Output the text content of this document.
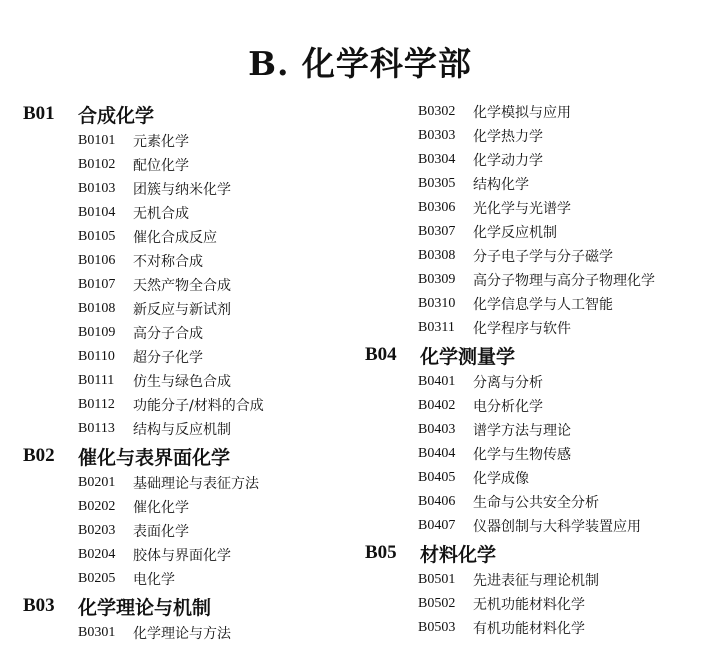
B. 化学科学部
B01	合成化学
B0101	元素化学
B0102	配位化学
B0103	团簇与纳米化学
B0104	无机合成
B0105	催化合成反应
B0106	不对称合成
B0107	天然产物全合成
B0108	新反应与新试剂
B0109	高分子合成
B0110	超分子化学
B0111	仿生与绿色合成
B0112	功能分子/材料的合成
B0113	结构与反应机制
B02	催化与表界面化学
B0201	基础理论与表征方法
B0202	催化化学
B0203	表面化学
B0204	胶体与界面化学
B0205	电化学
B03	化学理论与机制
B0301	化学理论与方法
B0302	化学模拟与应用
B0303	化学热力学
B0304	化学动力学
B0305	结构化学
B0306	光化学与光谱学
B0307	化学反应机制
B0308	分子电子学与分子磁学
B0309	高分子物理与高分子物理化学
B0310	化学信息学与人工智能
B0311	化学程序与软件
B04	化学测量学
B0401	分离与分析
B0402	电分析化学
B0403	谱学方法与理论
B0404	化学与生物传感
B0405	化学成像
B0406	生命与公共安全分析
B0407	仪器创制与大科学装置应用
B05	材料化学
B0501	先进表征与理论机制
B0502	无机功能材料化学
B0503	有机功能材料化学
